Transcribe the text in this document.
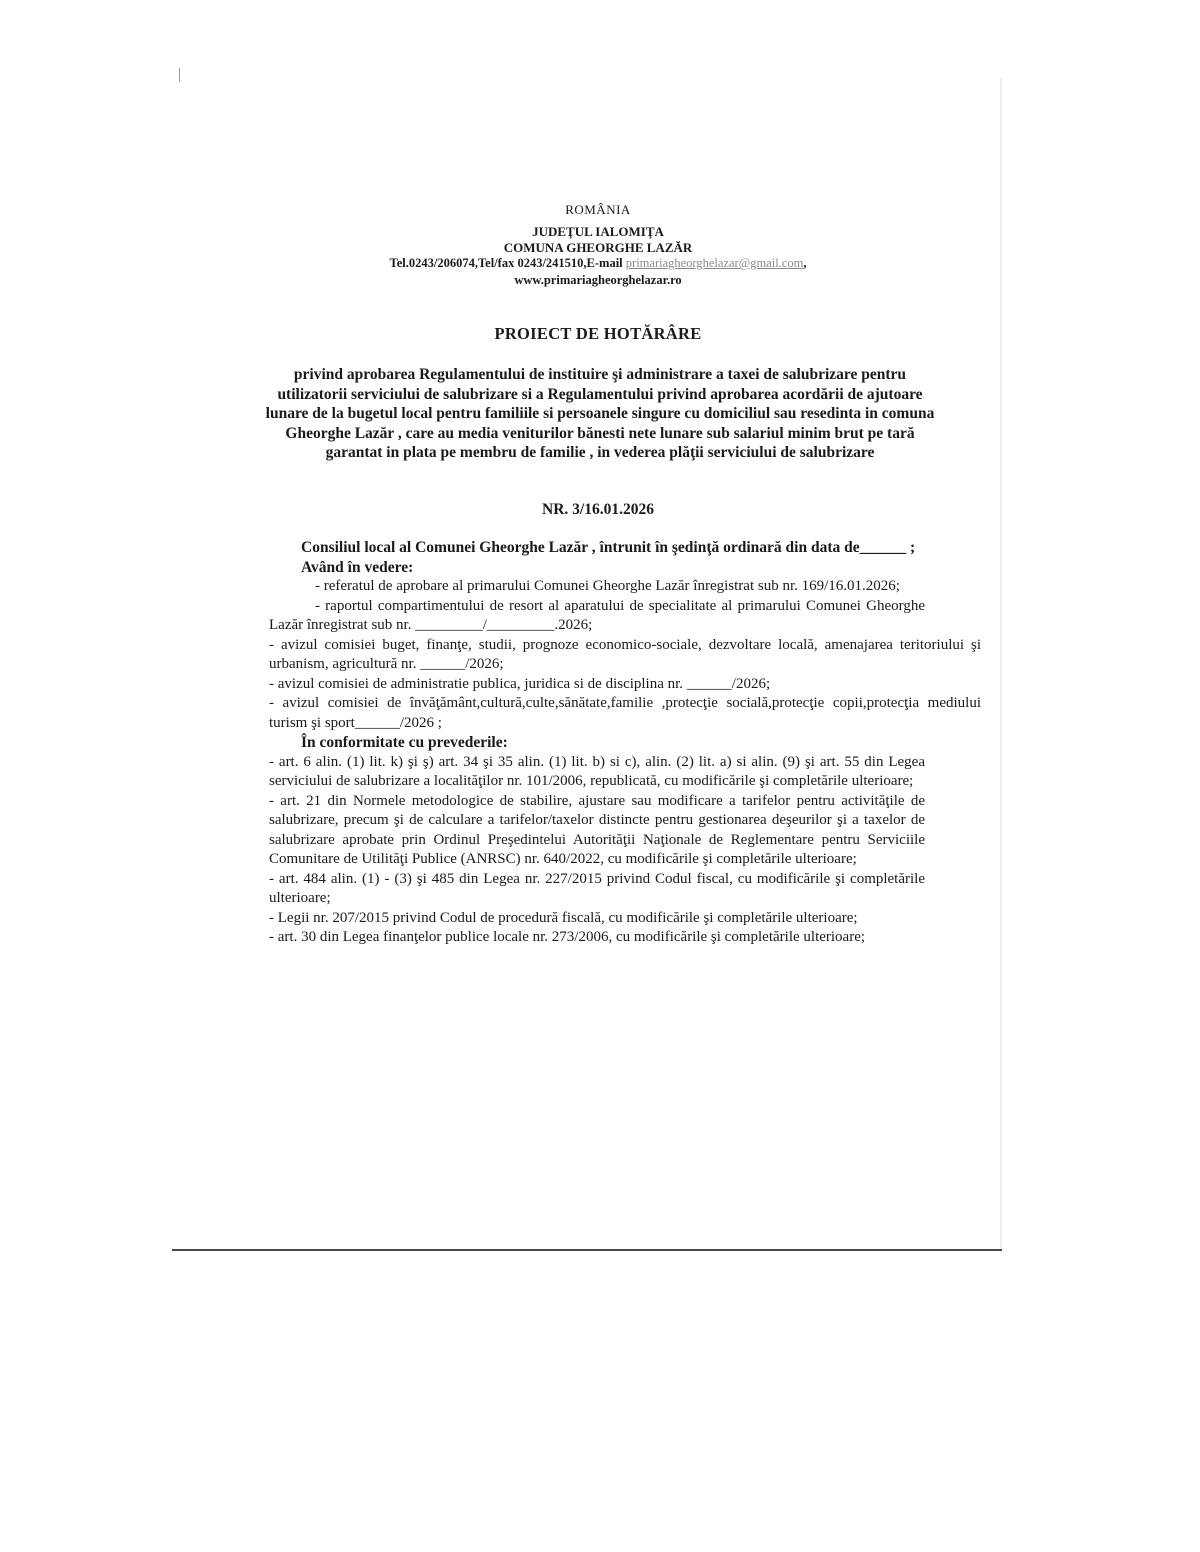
ROMÂNIA
JUDEŢUL IALOMIŢA
COMUNA GHEORGHE LAZĂR
Tel.0243/206074,Tel/fax 0243/241510,E-mail primariagheorghelazar@gmail.com,
www.primariagheorghelazar.ro
PROIECT DE HOTĂRÂRE
privind aprobarea Regulamentului de instituire şi administrare a taxei de salubrizare pentru utilizatorii serviciului de salubrizare si a Regulamentului privind aprobarea acordării de ajutoare lunare de la bugetul local pentru familiile si persoanele singure cu domiciliul sau resedinta in comuna Gheorghe Lazăr , care au media veniturilor bănesti nete lunare sub salariul minim brut pe tară garantat in plata pe membru de familie , in vederea plăţii serviciului de salubrizare
NR. 3/16.01.2026

Consiliul local al Comunei Gheorghe Lazăr , întrunit în şedinţă ordinară din data de______ ;

Având în vedere:

- referatul de aprobare al primarului Comunei Gheorghe Lazăr înregistrat sub nr. 169/16.01.2026;

- raportul compartimentului de resort al aparatului de specialitate al primarului Comunei Gheorghe Lazăr înregistrat sub nr. _________/_________.2026;

- avizul comisiei buget, finanţe, studii, prognoze economico-sociale, dezvoltare locală, amenajarea teritoriului şi urbanism, agricultură nr. ______/2026;

- avizul comisiei de administratie publica, juridica si de disciplina nr. ______/2026;

- avizul comisiei de învăţământ,cultură,culte,sănătate,familie ,protecţie socială,protecţie copii,protecţia mediului turism şi sport______/2026 ;

În conformitate cu prevederile:

- art. 6 alin. (1) lit. k) şi ş) art. 34 şi 35 alin. (1) lit. b) si c), alin. (2) lit. a) si alin. (9) şi art. 55 din Legea serviciului de salubrizare a localităţilor nr. 101/2006, republicată, cu modificările şi completările ulterioare;

- art. 21 din Normele metodologice de stabilire, ajustare sau modificare a tarifelor pentru activităţile de salubrizare, precum şi de calculare a tarifelor/taxelor distincte pentru gestionarea deşeurilor şi a taxelor de salubrizare aprobate prin Ordinul Preşedintelui Autorităţii Naţionale de Reglementare pentru Serviciile Comunitare de Utilităţi Publice (ANRSC) nr. 640/2022, cu modificările şi completările ulterioare;

- art. 484 alin. (1) - (3) şi 485 din Legea nr. 227/2015 privind Codul fiscal, cu modificările şi completările ulterioare;

- Legii nr. 207/2015 privind Codul de procedură fiscală, cu modificările şi completările ulterioare;

- art. 30 din Legea finanţelor publice locale nr. 273/2006, cu modificările şi completările ulterioare;
